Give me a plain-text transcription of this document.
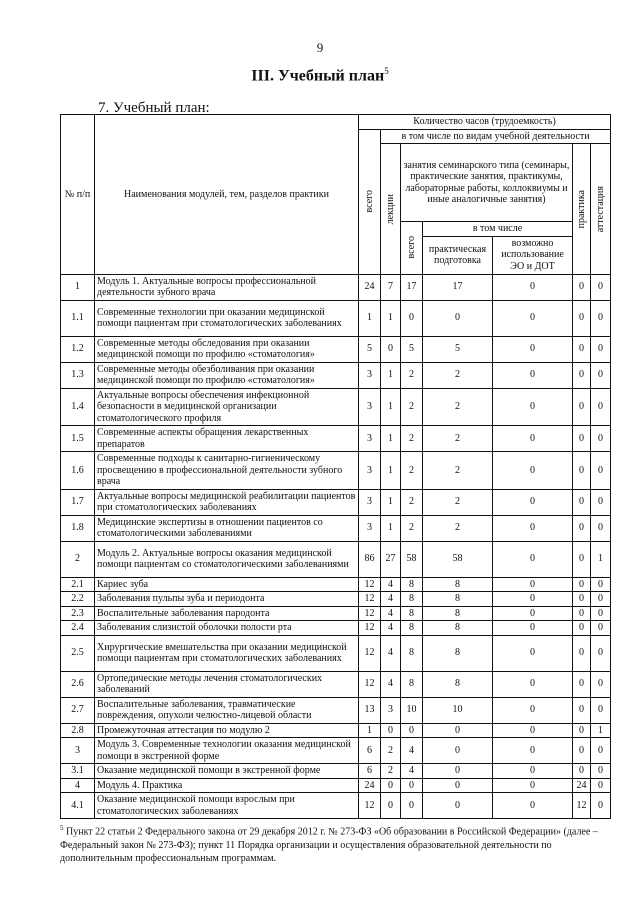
9
III. Учебный план$^5$
7. Учебный план:
№ п/п	Наименования модулей, тем, разделов практики	Количество часов (трудоемкость)						

		всего	в том числе по видам учебной деятельности					

			лекции	занятия семинарского типа (семинары, практические занятия, практикумы, лабораторные работы, коллоквиумы и иные аналогичные занятия)			практика	аттестация

				всего	в том числе			
					практическая подготовка	возможно использование ЭО и ДОТ		
1	Модуль 1. Актуальные вопросы профессиональной деятельности зубного врача	24	7	17	17	0	0	0
1.1	Современные технологии при оказании медицинской помощи пациентам при стоматологических заболеваниях	1	1	0	0	0	0	0
1.2	Современные методы обследования при оказании медицинской помощи по профилю «стоматология»	5	0	5	5	0	0	0
1.3	Современные методы обезболивания при оказании медицинской помощи по профилю «стоматология»	3	1	2	2	0	0	0
1.4	Актуальные вопросы обеспечения инфекционной безопасности в медицинской организации стоматологического профиля	3	1	2	2	0	0	0
1.5	Современные аспекты обращения лекарственных препаратов	3	1	2	2	0	0	0
1.6	Современные подходы к санитарно-гигиеническому просвещению в профессиональной деятельности зубного врача	3	1	2	2	0	0	0
1.7	Актуальные вопросы медицинской реабилитации пациентов при стоматологических заболеваниях	3	1	2	2	0	0	0
1.8	Медицинские экспертизы в отношении пациентов со стоматологическими заболеваниями	3	1	2	2	0	0	0
2	Модуль 2. Актуальные вопросы оказания медицинской помощи пациентам со стоматологическими заболеваниями	86	27	58	58	0	0	1
2.1	Кариес зуба	12	4	8	8	0	0	0
2.2	Заболевания пульпы зуба и периодонта	12	4	8	8	0	0	0
2.3	Воспалительные заболевания пародонта	12	4	8	8	0	0	0
2.4	Заболевания слизистой оболочки полости рта	12	4	8	8	0	0	0
2.5	Хирургические вмешательства при оказании медицинской помощи пациентам при стоматологических заболеваниях	12	4	8	8	0	0	0
2.6	Ортопедические методы лечения стоматологических заболеваний	12	4	8	8	0	0	0
2.7	Воспалительные заболевания, травматические повреждения, опухоли челюстно-лицевой области	13	3	10	10	0	0	0
2.8	Промежуточная аттестация по модулю 2	1	0	0	0	0	0	1
3	Модуль 3. Современные технологии оказания медицинской помощи в экстренной форме	6	2	4	0	0	0	0
3.1	Оказание медицинской помощи в экстренной форме	6	2	4	0	0	0	0
4	Модуль 4. Практика	24	0	0	0	0	24	0
4.1	Оказание медицинской помощи взрослым при стоматологических заболеваниях	12	0	0	0	0	12	0
$^5$ Пункт 22 статьи 2 Федерального закона от 29 декабря 2012 г. № 273-ФЗ «Об образовании в Российской Федерации» (далее – Федеральный закон № 273-ФЗ); пункт 11 Порядка организации и осуществления образовательной деятельности по дополнительным профессиональным программам.
